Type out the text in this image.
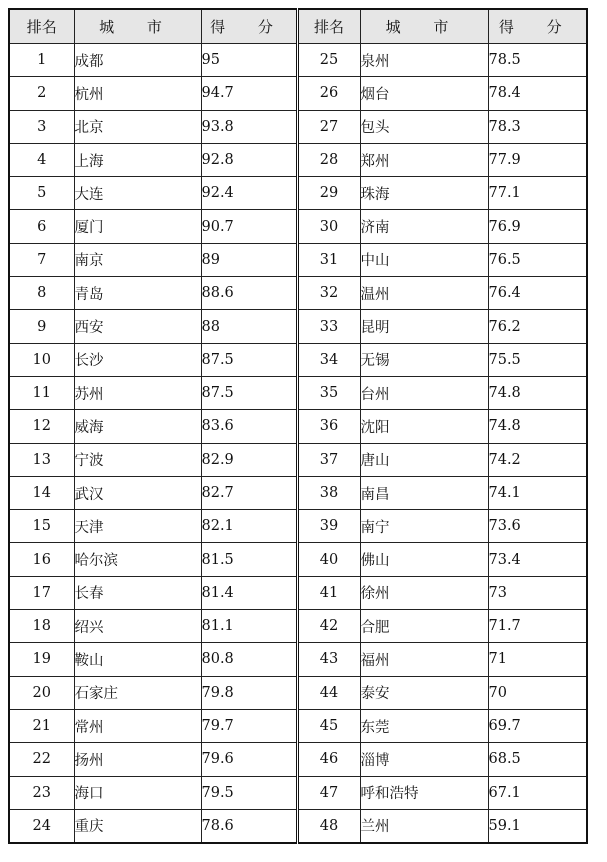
排名	城 市	得 分	排名	城 市	得 分
1	成都	95	25	泉州	78.5
2	杭州	94.7	26	烟台	78.4
3	北京	93.8	27	包头	78.3
4	上海	92.8	28	郑州	77.9
5	大连	92.4	29	珠海	77.1
6	厦门	90.7	30	济南	76.9
7	南京	89	31	中山	76.5
8	青岛	88.6	32	温州	76.4
9	西安	88	33	昆明	76.2
10	长沙	87.5	34	无锡	75.5
11	苏州	87.5	35	台州	74.8
12	威海	83.6	36	沈阳	74.8
13	宁波	82.9	37	唐山	74.2
14	武汉	82.7	38	南昌	74.1
15	天津	82.1	39	南宁	73.6
16	哈尔滨	81.5	40	佛山	73.4
17	长春	81.4	41	徐州	73
18	绍兴	81.1	42	合肥	71.7
19	鞍山	80.8	43	福州	71
20	石家庄	79.8	44	泰安	70
21	常州	79.7	45	东莞	69.7
22	扬州	79.6	46	淄博	68.5
23	海口	79.5	47	呼和浩特	67.1
24	重庆	78.6	48	兰州	59.1
